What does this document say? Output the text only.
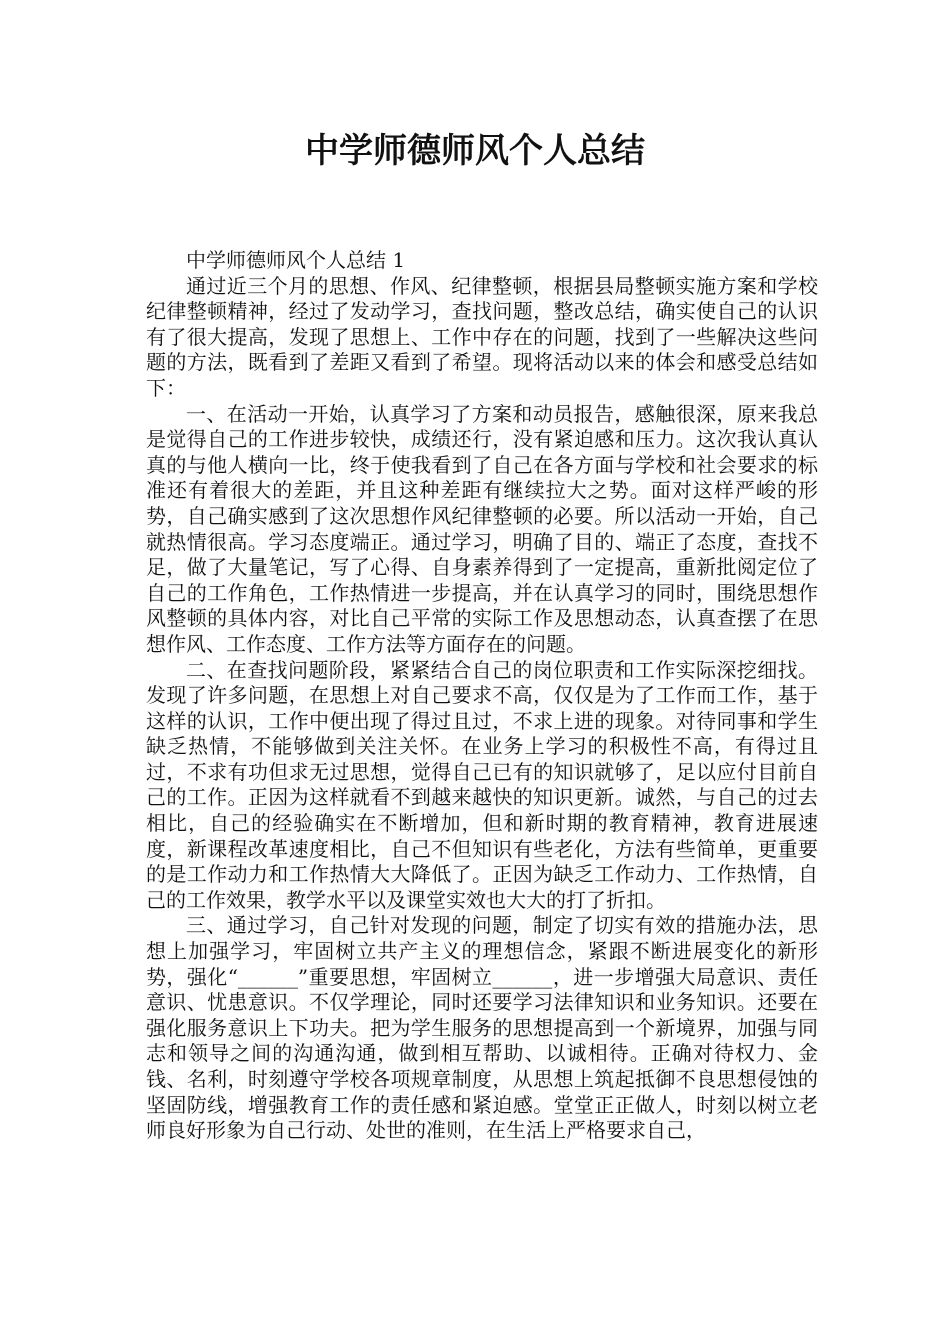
中学师德师风个人总结

中学师德师风个人总结 1

通过近三个月的思想、作风、纪律整顿，根据县局整顿实施方案和学校纪律整顿精神，经过了发动学习，查找问题，整改总结，确实使自己的认识有了很大提高，发现了思想上、工作中存在的问题，找到了一些解决这些问题的方法，既看到了差距又看到了希望。现将活动以来的体会和感受总结如下：

一、在活动一开始，认真学习了方案和动员报告，感触很深，原来我总是觉得自己的工作进步较快，成绩还行，没有紧迫感和压力。这次我认真认真的与他人横向一比，终于使我看到了自己在各方面与学校和社会要求的标准还有着很大的差距，并且这种差距有继续拉大之势。面对这样严峻的形势，自己确实感到了这次思想作风纪律整顿的必要。所以活动一开始，自己就热情很高。学习态度端正。通过学习，明确了目的、端正了态度，查找不足，做了大量笔记，写了心得、自身素养得到了一定提高，重新批阅定位了自己的工作角色，工作热情进一步提高，并在认真学习的同时，围绕思想作风整顿的具体内容，对比自己平常的实际工作及思想动态，认真查摆了在思想作风、工作态度、工作方法等方面存在的问题。

二、在查找问题阶段，紧紧结合自己的岗位职责和工作实际深挖细找。发现了许多问题，在思想上对自己要求不高，仅仅是为了工作而工作，基于这样的认识，工作中便出现了得过且过，不求上进的现象。对待同事和学生缺乏热情，不能够做到关注关怀。在业务上学习的积极性不高，有得过且过，不求有功但求无过思想，觉得自己已有的知识就够了，足以应付目前自己的工作。正因为这样就看不到越来越快的知识更新。诚然，与自己的过去相比，自己的经验确实在不断增加，但和新时期的教育精神，教育进展速度，新课程改革速度相比，自己不但知识有些老化，方法有些简单，更重要的是工作动力和工作热情大大降低了。正因为缺乏工作动力、工作热情，自己的工作效果，教学水平以及课堂实效也大大的打了折扣。

三、通过学习，自己针对发现的问题，制定了切实有效的措施办法，思想上加强学习，牢固树立共产主义的理想信念，紧跟不断进展变化的新形势，强化“______”重要思想，牢固树立______，进一步增强大局意识、责任意识、忧患意识。不仅学理论，同时还要学习法律知识和业务知识。还要在强化服务意识上下功夫。把为学生服务的思想提高到一个新境界，加强与同志和领导之间的沟通沟通，做到相互帮助、以诚相待。正确对待权力、金钱、名利，时刻遵守学校各项规章制度，从思想上筑起抵御不良思想侵蚀的坚固防线，增强教育工作的责任感和紧迫感。堂堂正正做人，时刻以树立老师良好形象为自己行动、处世的准则，在生活上严格要求自己，
